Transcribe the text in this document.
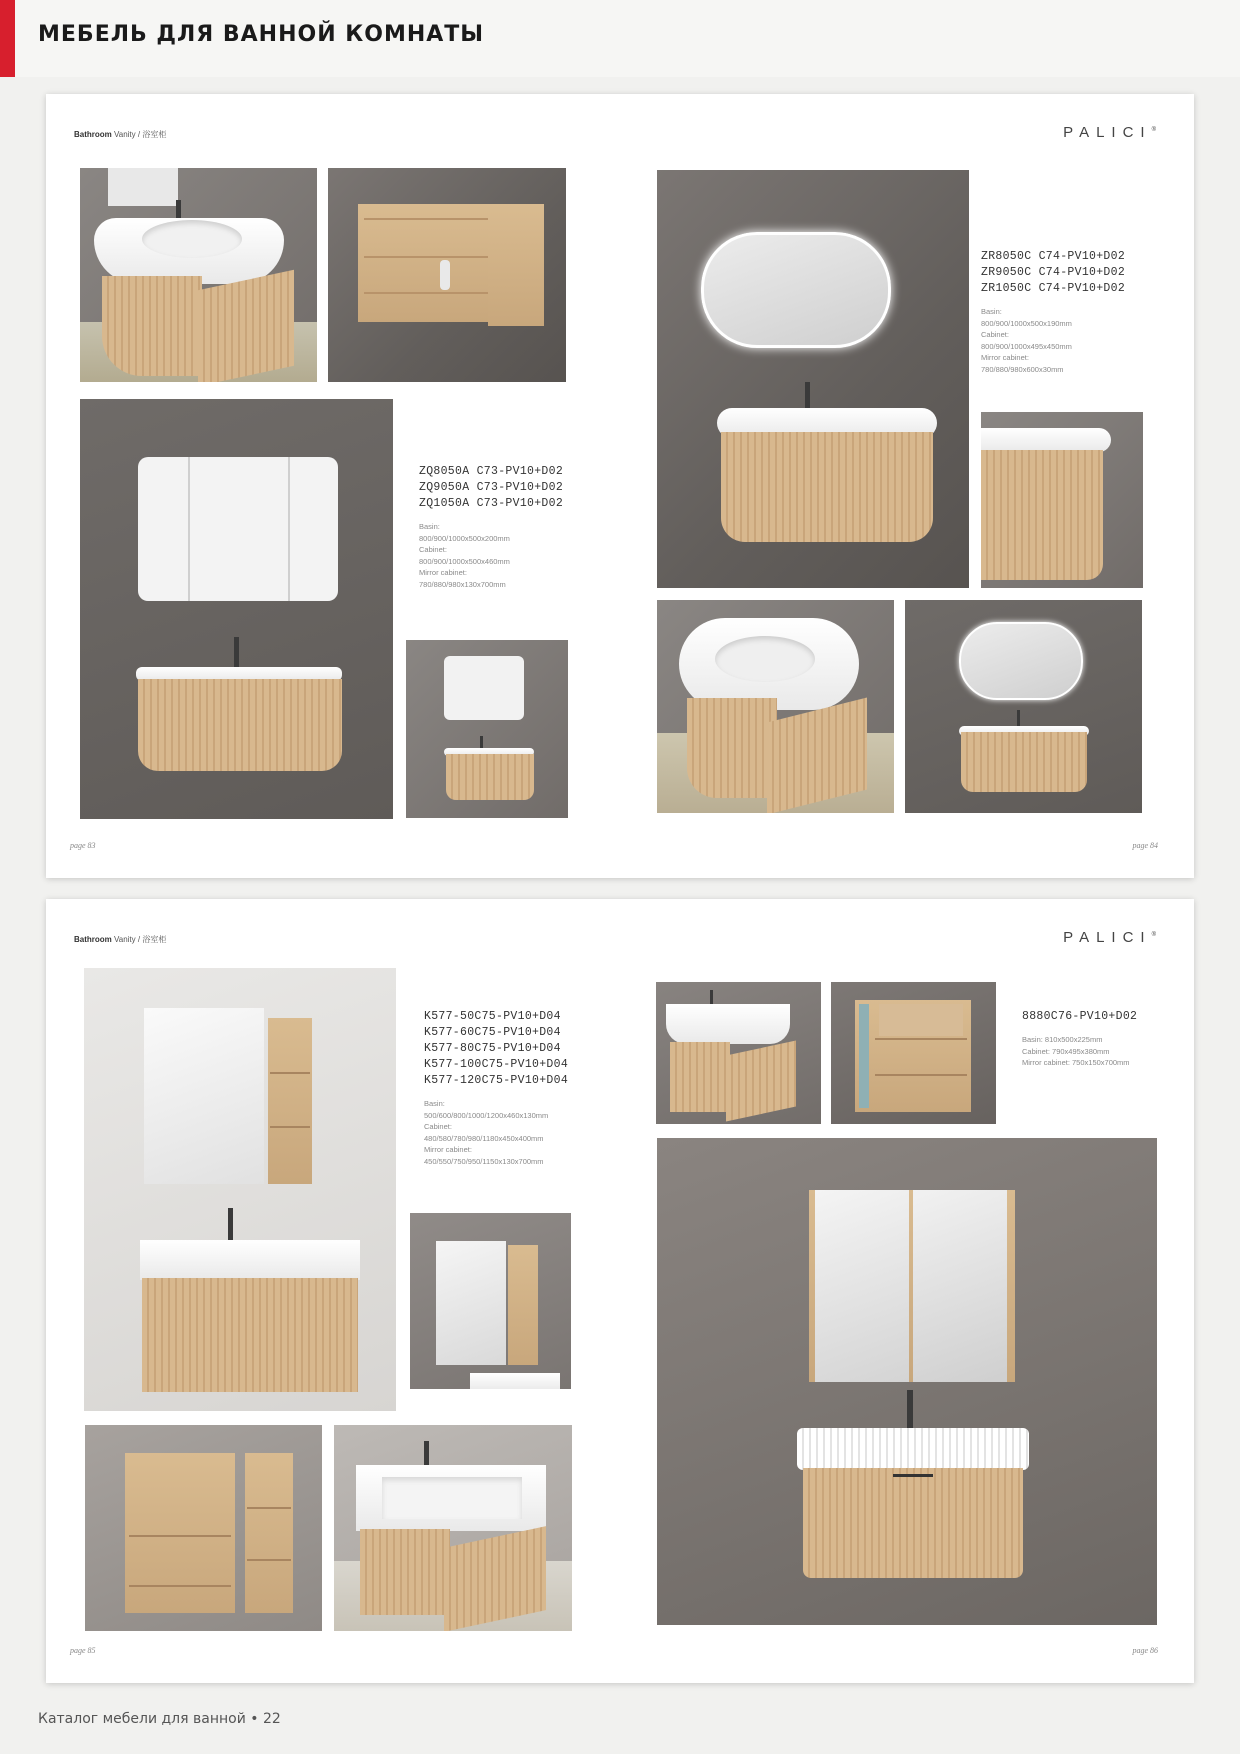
МЕБЕЛЬ ДЛЯ ВАННОЙ КОМНАТЫ
Bathroom Vanity / 浴室柜	PALICI®
ZQ8050A C73-PV10+D02
ZQ9050A C73-PV10+D02
ZQ1050A C73-PV10+D02
Basin:
800/900/1000x500x200mm
Cabinet:
800/900/1000x500x460mm
Mirror cabinet:
780/880/980x130x700mm
ZR8050C C74-PV10+D02
ZR9050C C74-PV10+D02
ZR1050C C74-PV10+D02
Basin:
800/900/1000x500x190mm
Cabinet:
800/900/1000x495x450mm
Mirror cabinet:
780/880/980x600x30mm
page 83	page 84
Bathroom Vanity / 浴室柜	PALICI®
K577-50C75-PV10+D04
K577-60C75-PV10+D04
K577-80C75-PV10+D04
K577-100C75-PV10+D04
K577-120C75-PV10+D04
Basin:
500/600/800/1000/1200x460x130mm
Cabinet:
480/580/780/980/1180x450x400mm
Mirror cabinet:
450/550/750/950/1150x130x700mm
8880C76-PV10+D02
Basin: 810x500x225mm
Cabinet: 790x495x380mm
Mirror cabinet: 750x150x700mm
page 85	page 86
Каталог мебели для ванной • 22
